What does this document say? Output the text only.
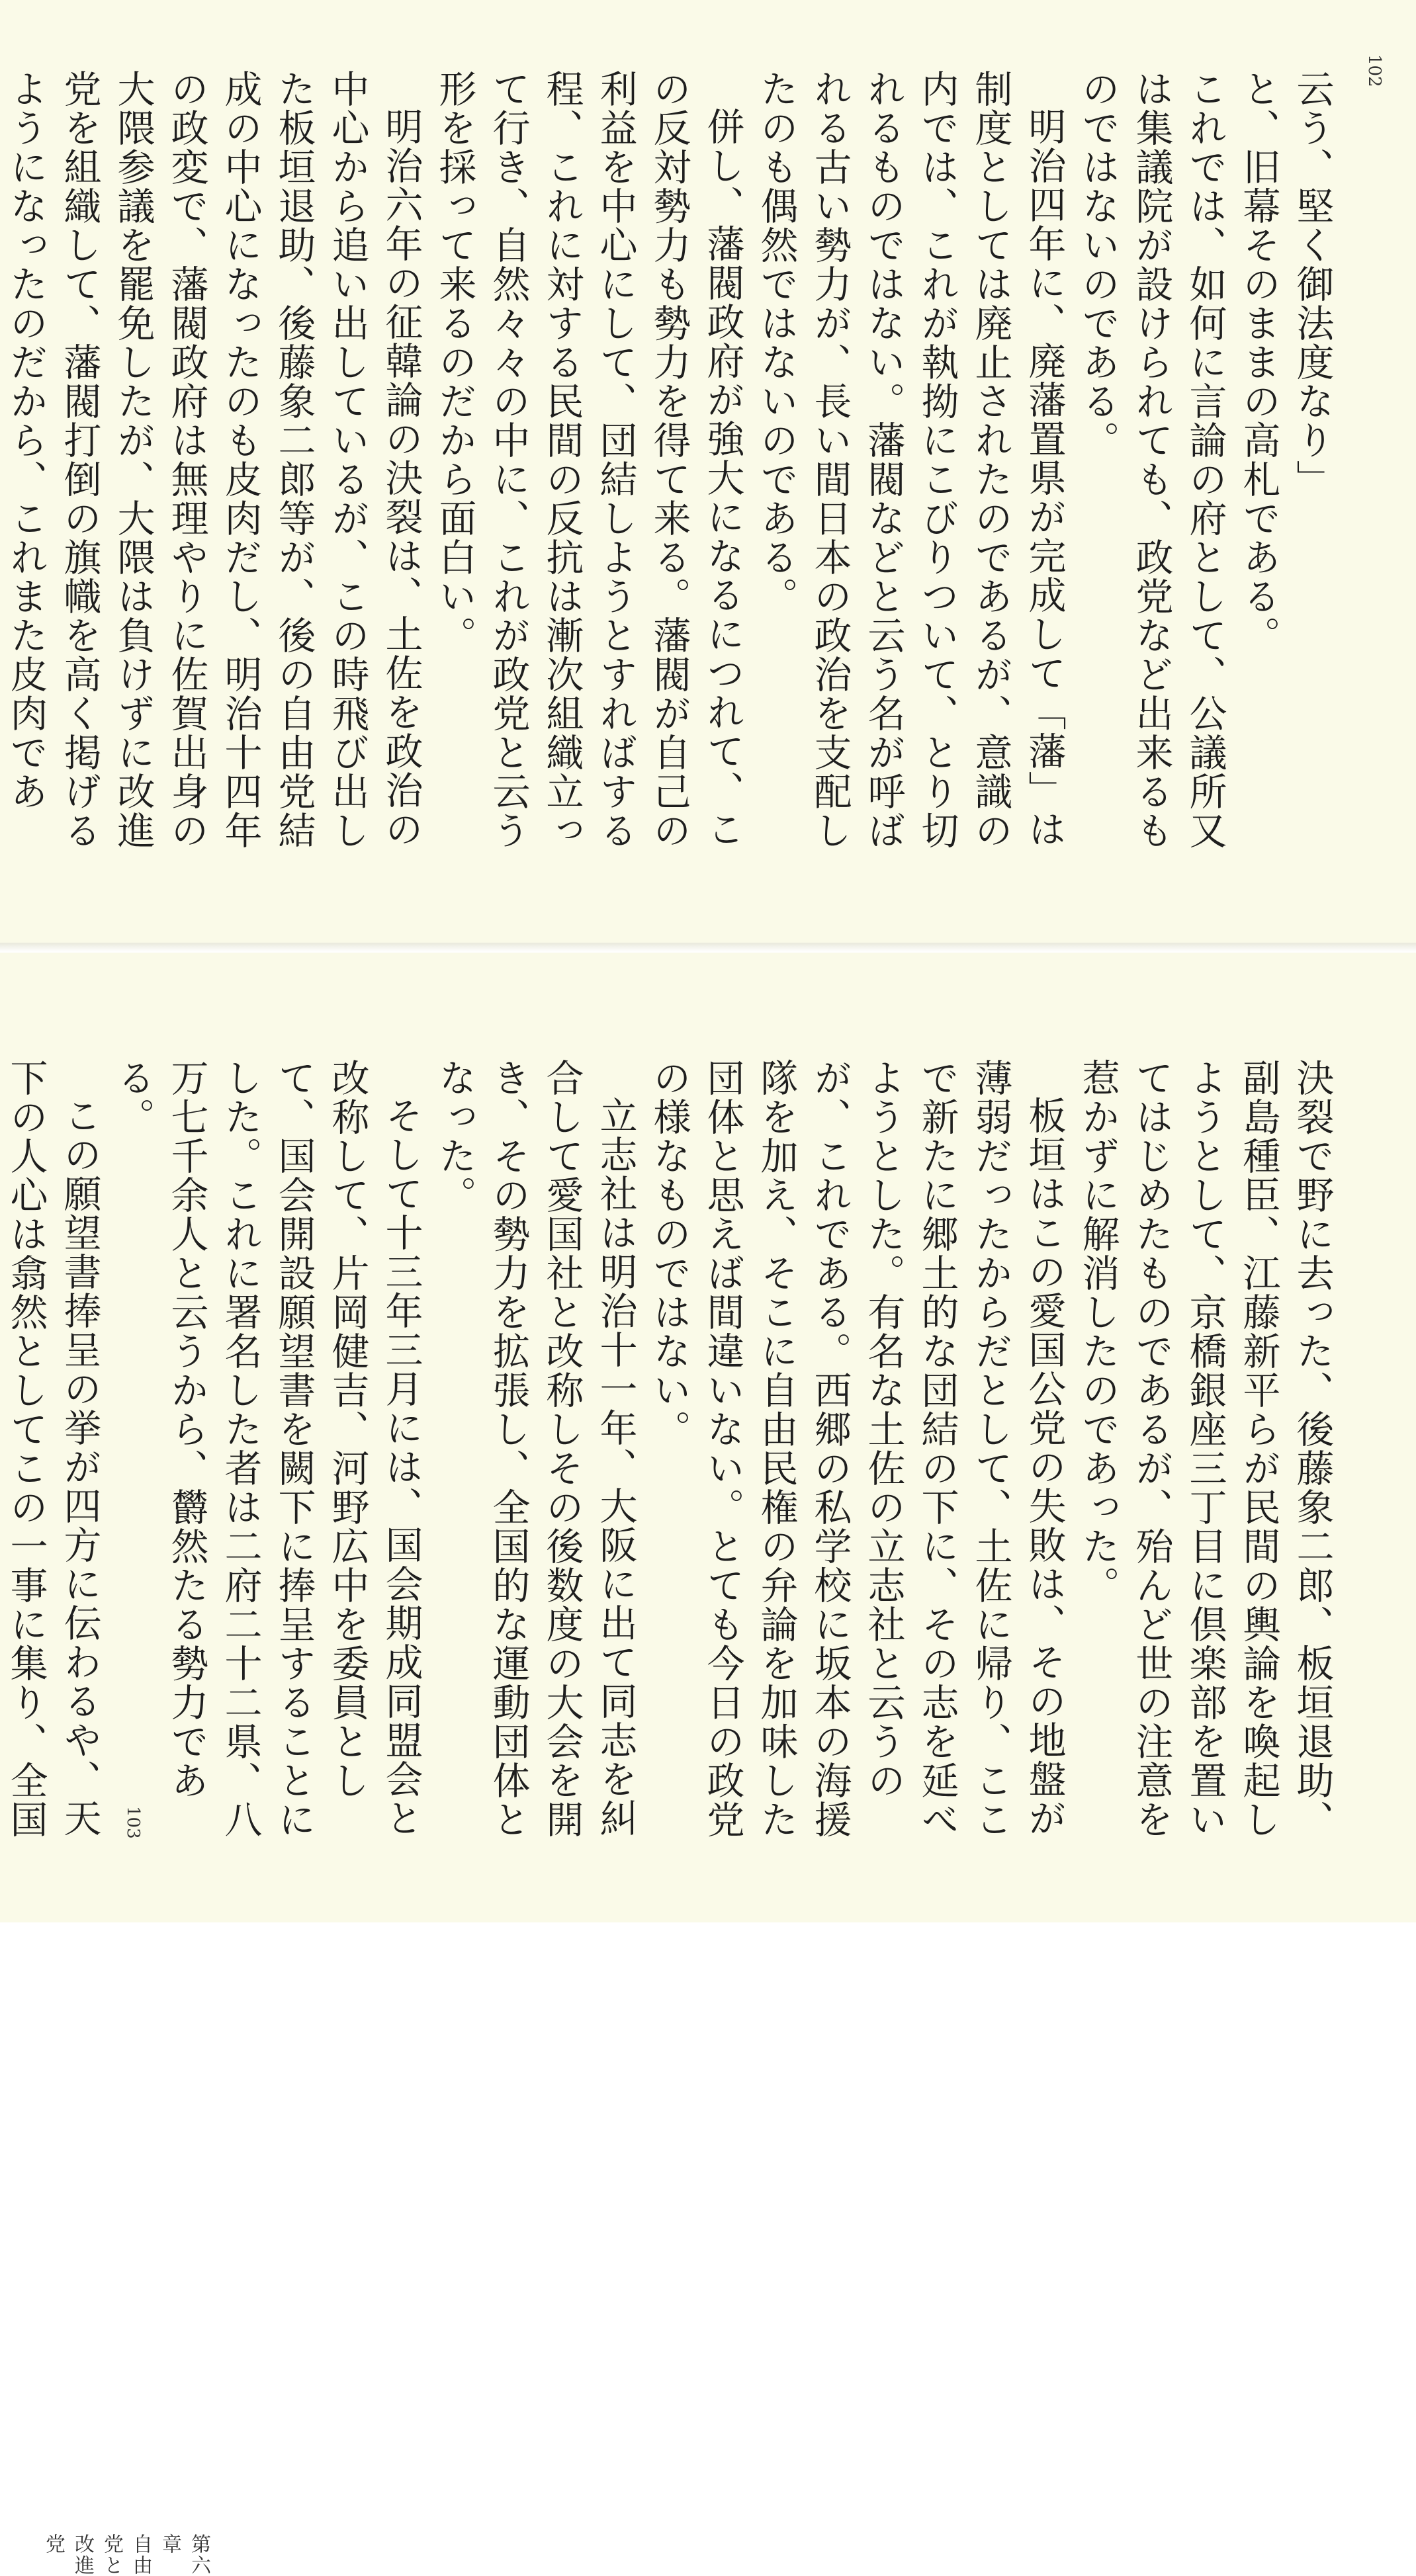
102

云う、堅く御法度なり」

と、旧幕そのままの高札である。

これでは、如何に言論の府として、公議所又は集議院が設けられても、政党など出来るものではないのである。

明治四年に、廃藩置県が完成して「藩」は制度としては廃止されたのであるが、意識の内では、これが執拗にこびりついて、とり切れるものではない。藩閥などと云う名が呼ばれる古い勢力が、長い間日本の政治を支配したのも偶然ではないのである。

併し、藩閥政府が強大になるにつれて、この反対勢力も勢力を得て来る。藩閥が自己の利益を中心にして、団結しようとすればする程、これに対する民間の反抗は漸次組織立って行き、自然々々の中に、これが政党と云う形を採って来るのだから面白い。

明治六年の征韓論の決裂は、土佐を政治の中心から追い出しているが、この時飛び出した板垣退助、後藤象二郎等が、後の自由党結成の中心になったのも皮肉だし、明治十四年の政変で、藩閥政府は無理やりに佐賀出身の大隈参議を罷免したが、大隈は負けずに改進党を組織して、藩閥打倒の旗幟を高く掲げるようになったのだから、これまた皮肉であ

第六章　自由党と改進党

決裂で野に去った、後藤象二郎、板垣退助、副島種臣、江藤新平らが民間の輿論を喚起しようとして、京橋銀座三丁目に倶楽部を置いてはじめたものであるが、殆んど世の注意を惹かずに解消したのであった。

板垣はこの愛国公党の失敗は、その地盤が薄弱だったからだとして、土佐に帰り、ここで新たに郷土的な団結の下に、その志を延べようとした。有名な土佐の立志社と云うのが、これである。西郷の私学校に坂本の海援隊を加え、そこに自由民権の弁論を加味した団体と思えば間違いない。とても今日の政党の様なものではない。

立志社は明治十一年、大阪に出て同志を糾合して愛国社と改称しその後数度の大会を開き、その勢力を拡張し、全国的な運動団体となった。

そして十三年三月には、国会期成同盟会と改称して、片岡健吉、河野広中を委員として、国会開設願望書を闕下に捧呈することにした。これに署名した者は二府二十二県、八万七千余人と云うから、欝然たる勢力である。

この願望書捧呈の挙が四方に伝わるや、天下の人心は翕然としてこの一事に集り、全国	103
